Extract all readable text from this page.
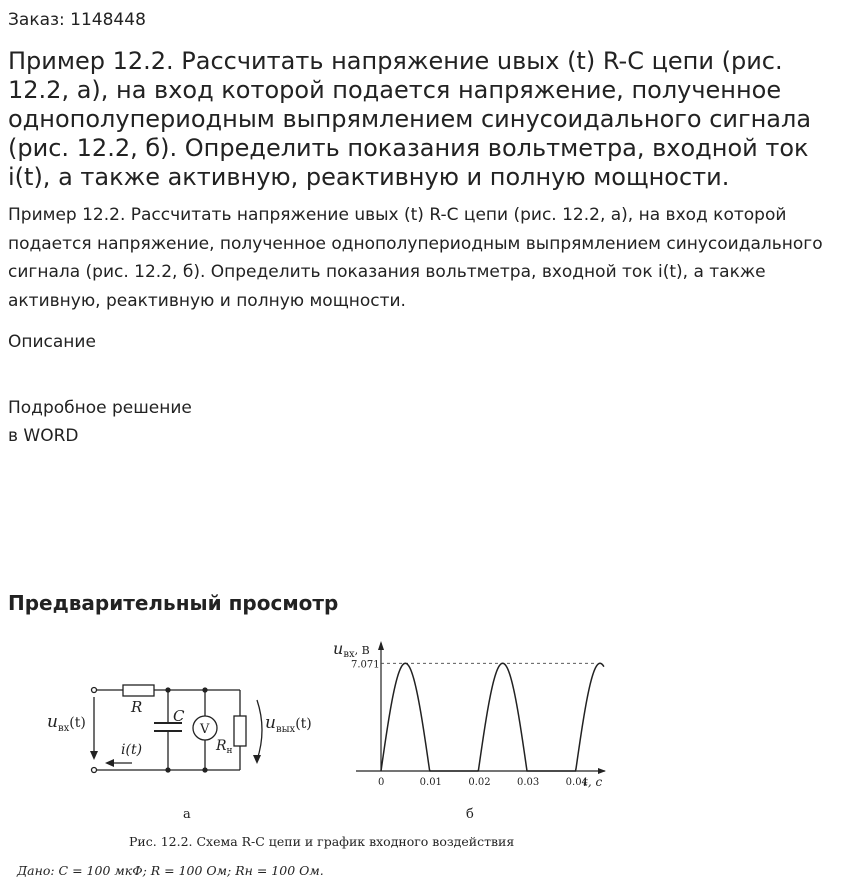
Заказ: 1148448
Пример 12.2. Рассчитать напряжение uвых (t) R-C цепи (рис. 12.2, а), на вход которой подается напряжение, полученное однополупериодным выпрямлением синусоидального сигнала (рис. 12.2, б). Определить показания вольтметра, входной ток i(t), а также активную, реактивную и полную мощности.

Пример 12.2. Рассчитать напряжение uвых (t) R-C цепи (рис. 12.2, а), на вход которой подается напряжение, полученное однополупериодным выпрямлением синусоидального сигнала (рис. 12.2, б). Определить показания вольтметра, входной ток i(t), а также активную, реактивную и полную мощности.

Описание
Подробное решение
в WORD
Предварительный просмотр
$u_{вх}^{(t)}$
R C
V
$R_н$
$u_{вых}^{(t)}$
i(t)
а
0	0.01	0.02	0.03	0.04
7.071
uвх, В
t, c
б
Рис. 12.2. Схема R-C цепи и график входного воздействия
Дано: C = 100 мкФ; R = 100 Ом; Rн = 100 Ом.
